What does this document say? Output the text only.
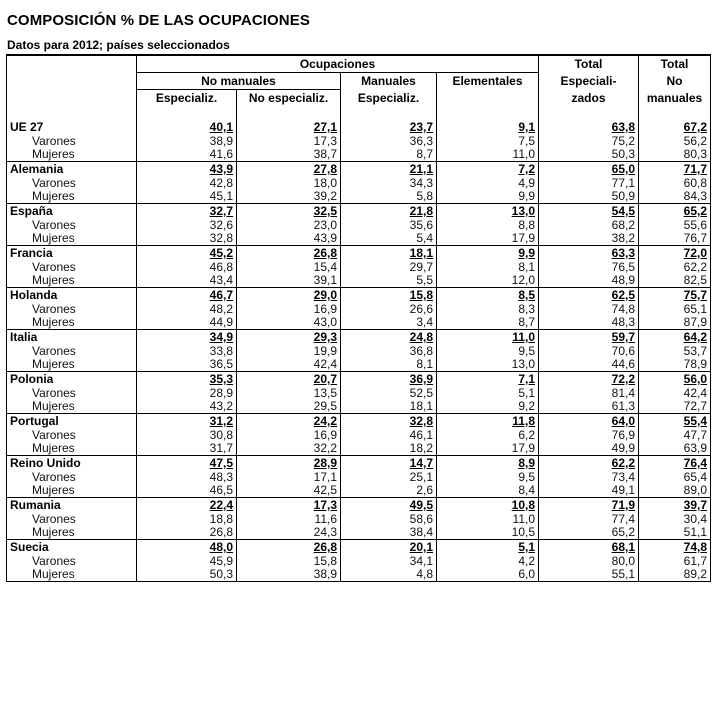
COMPOSICIÓN % DE LAS OCUPACIONES
Datos para 2012; países seleccionados
	Ocupaciones				Total	Total
	No manuales		Manuales	Elementales	Especiali-	No
	Especializ.	No especializ.	Especializ.		zados	manuales

UE 27	40,1	27,1	23,7	9,1	63,8	67,2
Varones	38,9	17,3	36,3	7,5	75,2	56,2
Mujeres	41,6	38,7	8,7	11,0	50,3	80,3
Alemania	43,9	27,8	21,1	7,2	65,0	71,7
Varones	42,8	18,0	34,3	4,9	77,1	60,8
Mujeres	45,1	39,2	5,8	9,9	50,9	84,3
España	32,7	32,5	21,8	13,0	54,5	65,2
Varones	32,6	23,0	35,6	8,8	68,2	55,6
Mujeres	32,8	43,9	5,4	17,9	38,2	76,7
Francia	45,2	26,8	18,1	9,9	63,3	72,0
Varones	46,8	15,4	29,7	8,1	76,5	62,2
Mujeres	43,4	39,1	5,5	12,0	48,9	82,5
Holanda	46,7	29,0	15,8	8,5	62,5	75,7
Varones	48,2	16,9	26,6	8,3	74,8	65,1
Mujeres	44,9	43,0	3,4	8,7	48,3	87,9
Italia	34,9	29,3	24,8	11,0	59,7	64,2
Varones	33,8	19,9	36,8	9,5	70,6	53,7
Mujeres	36,5	42,4	8,1	13,0	44,6	78,9
Polonia	35,3	20,7	36,9	7,1	72,2	56,0
Varones	28,9	13,5	52,5	5,1	81,4	42,4
Mujeres	43,2	29,5	18,1	9,2	61,3	72,7
Portugal	31,2	24,2	32,8	11,8	64,0	55,4
Varones	30,8	16,9	46,1	6,2	76,9	47,7
Mujeres	31,7	32,2	18,2	17,9	49,9	63,9
Reino Unido	47,5	28,9	14,7	8,9	62,2	76,4
Varones	48,3	17,1	25,1	9,5	73,4	65,4
Mujeres	46,5	42,5	2,6	8,4	49,1	89,0
Rumania	22,4	17,3	49,5	10,8	71,9	39,7
Varones	18,8	11,6	58,6	11,0	77,4	30,4
Mujeres	26,8	24,3	38,4	10,5	65,2	51,1
Suecia	48,0	26,8	20,1	5,1	68,1	74,8
Varones	45,9	15,8	34,1	4,2	80,0	61,7
Mujeres	50,3	38,9	4,8	6,0	55,1	89,2
